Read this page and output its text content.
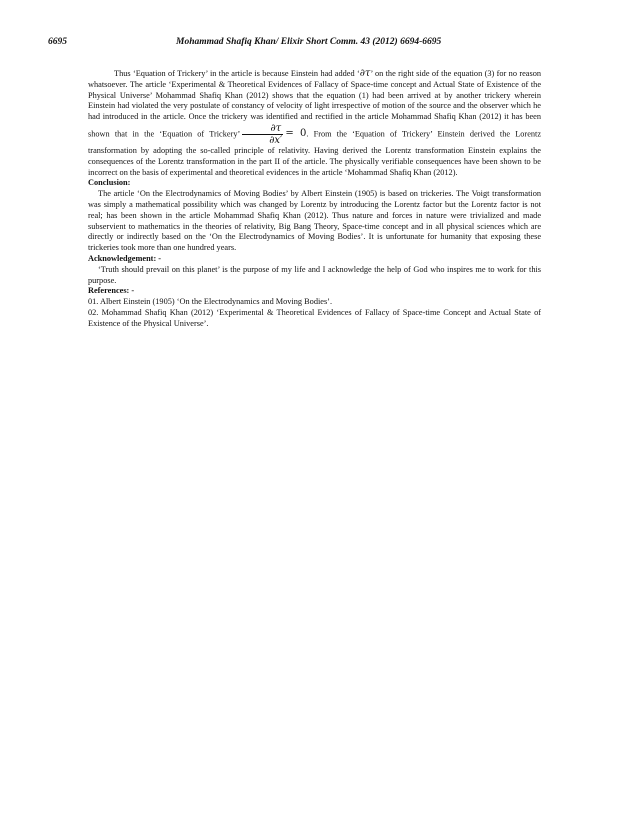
6695	Mohammad Shafiq Khan/ Elixir Short Comm. 43 (2012) 6694-6695

Thus ‘Equation of Trickery’ in the article is because Einstein had added ‘∂τ’ on the right side of the equation (3) for no reason whatsoever. The article ‘Experimental & Theoretical Evidences of Fallacy of Space-time concept and Actual State of Existence of the Physical Universe’ Mohammad Shafiq Khan (2012) shows that the equation (1) had been arrived at by another trickery wherein Einstein had violated the very postulate of constancy of velocity of light irrespective of motion of the source and the observer which he had introduced in the article. Once the trickery was identified and rectified in the article Mohammad Shafiq Khan (2012) it has been shown that in the ‘Equation of Trickery’ $\frac{\partial\tau}{\partial x'} = 0$. From the ‘Equation of Trickery’ Einstein derived the Lorentz transformation by adopting the so-called principle of relativity. Having derived the Lorentz transformation Einstein explains the consequences of the Lorentz transformation in the part II of the article. The physically verifiable consequences have been shown to be incorrect on the basis of experimental and theoretical evidences in the article ‘Mohammad Shafiq Khan (2012).

Conclusion:

The article ‘On the Electrodynamics of Moving Bodies’ by Albert Einstein (1905) is based on trickeries. The Voigt transformation was simply a mathematical possibility which was changed by Lorentz by introducing the Lorentz factor but the Lorentz factor is not real; has been shown in the article Mohammad Shafiq Khan (2012). Thus nature and forces in nature were trivialized and made subservient to mathematics in the theories of relativity, Big Bang Theory, Space-time concept and in all physical sciences which are directly or indirectly based on the ‘On the Electrodynamics of Moving Bodies’. It is unfortunate for humanity that exposing these trickeries took more than one hundred years.

Acknowledgement: -

‘Truth should prevail on this planet’ is the purpose of my life and I acknowledge the help of God who inspires me to work for this purpose.

References: -

01. Albert Einstein (1905) ‘On the Electrodynamics and Moving Bodies’.

02. Mohammad Shafiq Khan (2012) ‘Experimental & Theoretical Evidences of Fallacy of Space-time Concept and Actual State of Existence of the Physical Universe’.
